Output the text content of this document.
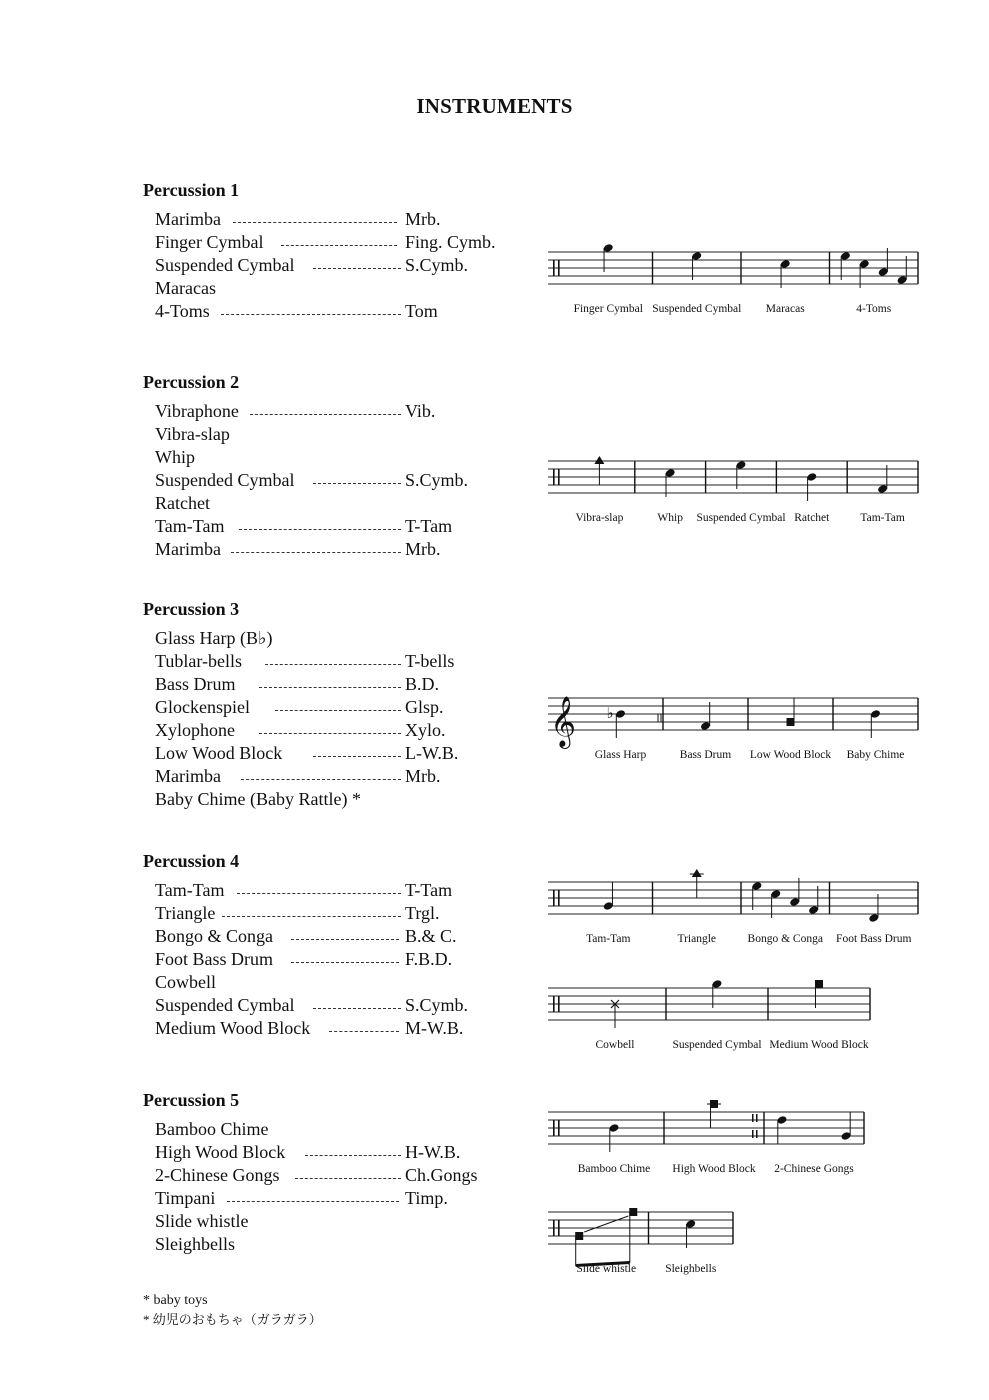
INSTRUMENTS
Percussion 1
Marimba	Mrb.
Finger Cymbal	Fing. Cymb.
Suspended Cymbal	S.Cymb.
Maracas
4-Toms	Tom
Percussion 2
Vibraphone	Vib.
Vibra-slap
Whip
Suspended Cymbal	S.Cymb.
Ratchet
Tam-Tam	T-Tam
Marimba	Mrb.
Percussion 3
Glass Harp (B♭)
Tublar-bells	T-bells
Bass Drum	B.D.
Glockenspiel	Glsp.
Xylophone	Xylo.
Low Wood Block	L-W.B.
Marimba	Mrb.
Baby Chime (Baby Rattle) *
Percussion 4
Tam-Tam	T-Tam
Triangle	Trgl.
Bongo & Conga	B.& C.
Foot Bass Drum	F.B.D.
Cowbell
Suspended Cymbal	S.Cymb.
Medium Wood Block	M-W.B.
Percussion 5
Bamboo Chime
High Wood Block	H-W.B.
2-Chinese Gongs	Ch.Gongs
Timpani	Timp.
Slide whistle
Sleighbells
Finger Cymbal Suspended Cymbal Maracas	4-Toms
Vibra-slap	Whip Suspended Cymbal Ratchet	Tam-Tam
𝄞 ♭
Glass Harp	Bass Drum Low Wood Block Baby Chime
Tam-Tam	Triangle	Bongo & Conga Foot Bass Drum
Cowbell	Suspended Cymbal Medium Wood Block
Bamboo Chime High Wood Block 2-Chinese Gongs
Slide whistle	Sleighbells
* baby toys
* 幼児のおもちゃ（ガラガラ）
